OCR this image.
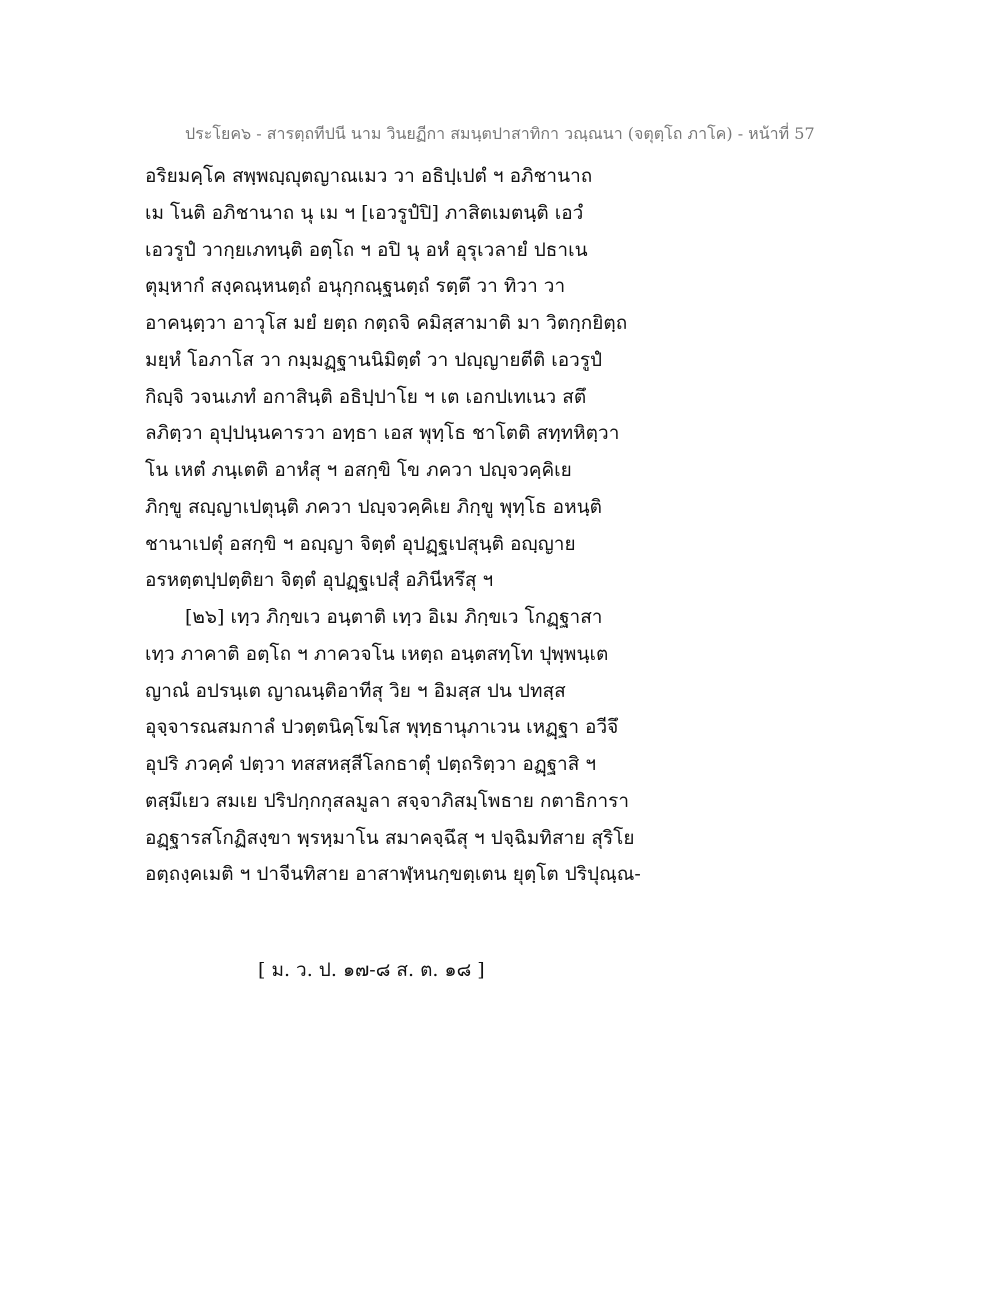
ประโยค๖ - สารตฺถทีปนี นาม วินยฏีกา สมนฺตปาสาทิกา วณฺณนา (จตุตฺโถ ภาโค) - หน้าที่ 57
อริยมคฺโค สพฺพญฺญุตญาณเมว วา อธิปฺเปตํ ฯ อภิชานาถ
เม โนติ อภิชานาถ นุ เม ฯ [เอวรูปํปิ] ภาสิตเมตนฺติ เอวํ
เอวรูปํ วากฺยเภทนฺติ อตฺโถ ฯ อปิ นุ อหํ อุรุเวลายํ ปธาเน
ตุมฺหากํ สงฺคณฺหนตฺถํ อนุกฺกณฺฐนตฺถํ รตฺตึ วา ทิวา วา
อาคนฺตฺวา อาวุโส มยํ ยตฺถ กตฺถจิ คมิสฺสามาติ มา วิตกฺกยิตฺถ
มยฺหํ โอภาโส วา กมฺมฏฺฐานนิมิตฺตํ วา ปญฺญายตีติ เอวรูปํ
กิญฺจิ วจนเภทํ อกาสินฺติ อธิปฺปาโย ฯ เต เอกปเทเนว สตึ
ลภิตฺวา อุปฺปนฺนคารวา อทฺธา เอส พุทฺโธ ชาโตติ สทฺทหิตฺวา
โน เหตํ ภนฺเตติ อาหํสุ ฯ อสกฺขิ โข ภควา ปญฺจวคฺคิเย
ภิกฺขู สญฺญาเปตุนฺติ ภควา ปญฺจวคฺคิเย ภิกฺขู พุทฺโธ อหนฺติ
ชานาเปตุํ อสกฺขิ ฯ อญฺญา จิตฺตํ อุปฏฺฐเปสุนฺติ อญฺญาย
อรหตฺตปฺปตฺติยา จิตฺตํ อุปฏฺฐเปสุํ อภินีหรึสุ ฯ
[๒๖] เทฺว ภิกฺขเว อนฺตาติ เทฺว อิเม ภิกฺขเว โกฏฺฐาสา
เทฺว ภาคาติ อตฺโถ ฯ ภาควจโน เหตฺถ อนฺตสทฺโท ปุพฺพนฺเต
ญาณํ อปรนฺเต ญาณนฺติอาทีสุ วิย ฯ อิมสฺส ปน ปทสฺส
อุจฺจารณสมกาลํ ปวตฺตนิคฺโฆโส พุทฺธานุภาเวน เหฏฺฐา อวีจึ
อุปริ ภวคฺคํ ปตฺวา ทสสหสฺสีโลกธาตุํ ปตฺถริตฺวา อฏฺฐาสิ ฯ
ตสฺมึเยว สมเย ปริปกฺกกุสลมูลา สจฺจาภิสมฺโพธาย กตาธิการา
อฏฺฐารสโกฏิสงฺขา พฺรหฺมาโน สมาคจฺฉึสุ ฯ ปจฺฉิมทิสาย สุริโย
อตฺถงฺคเมติ ฯ ปาจีนทิสาย อาสาฬฺหนกฺขตฺเตน ยุตฺโต ปริปุณฺณ-
[ ม. ว. ป. ๑๗-๘ ส. ต. ๑๘ ]
